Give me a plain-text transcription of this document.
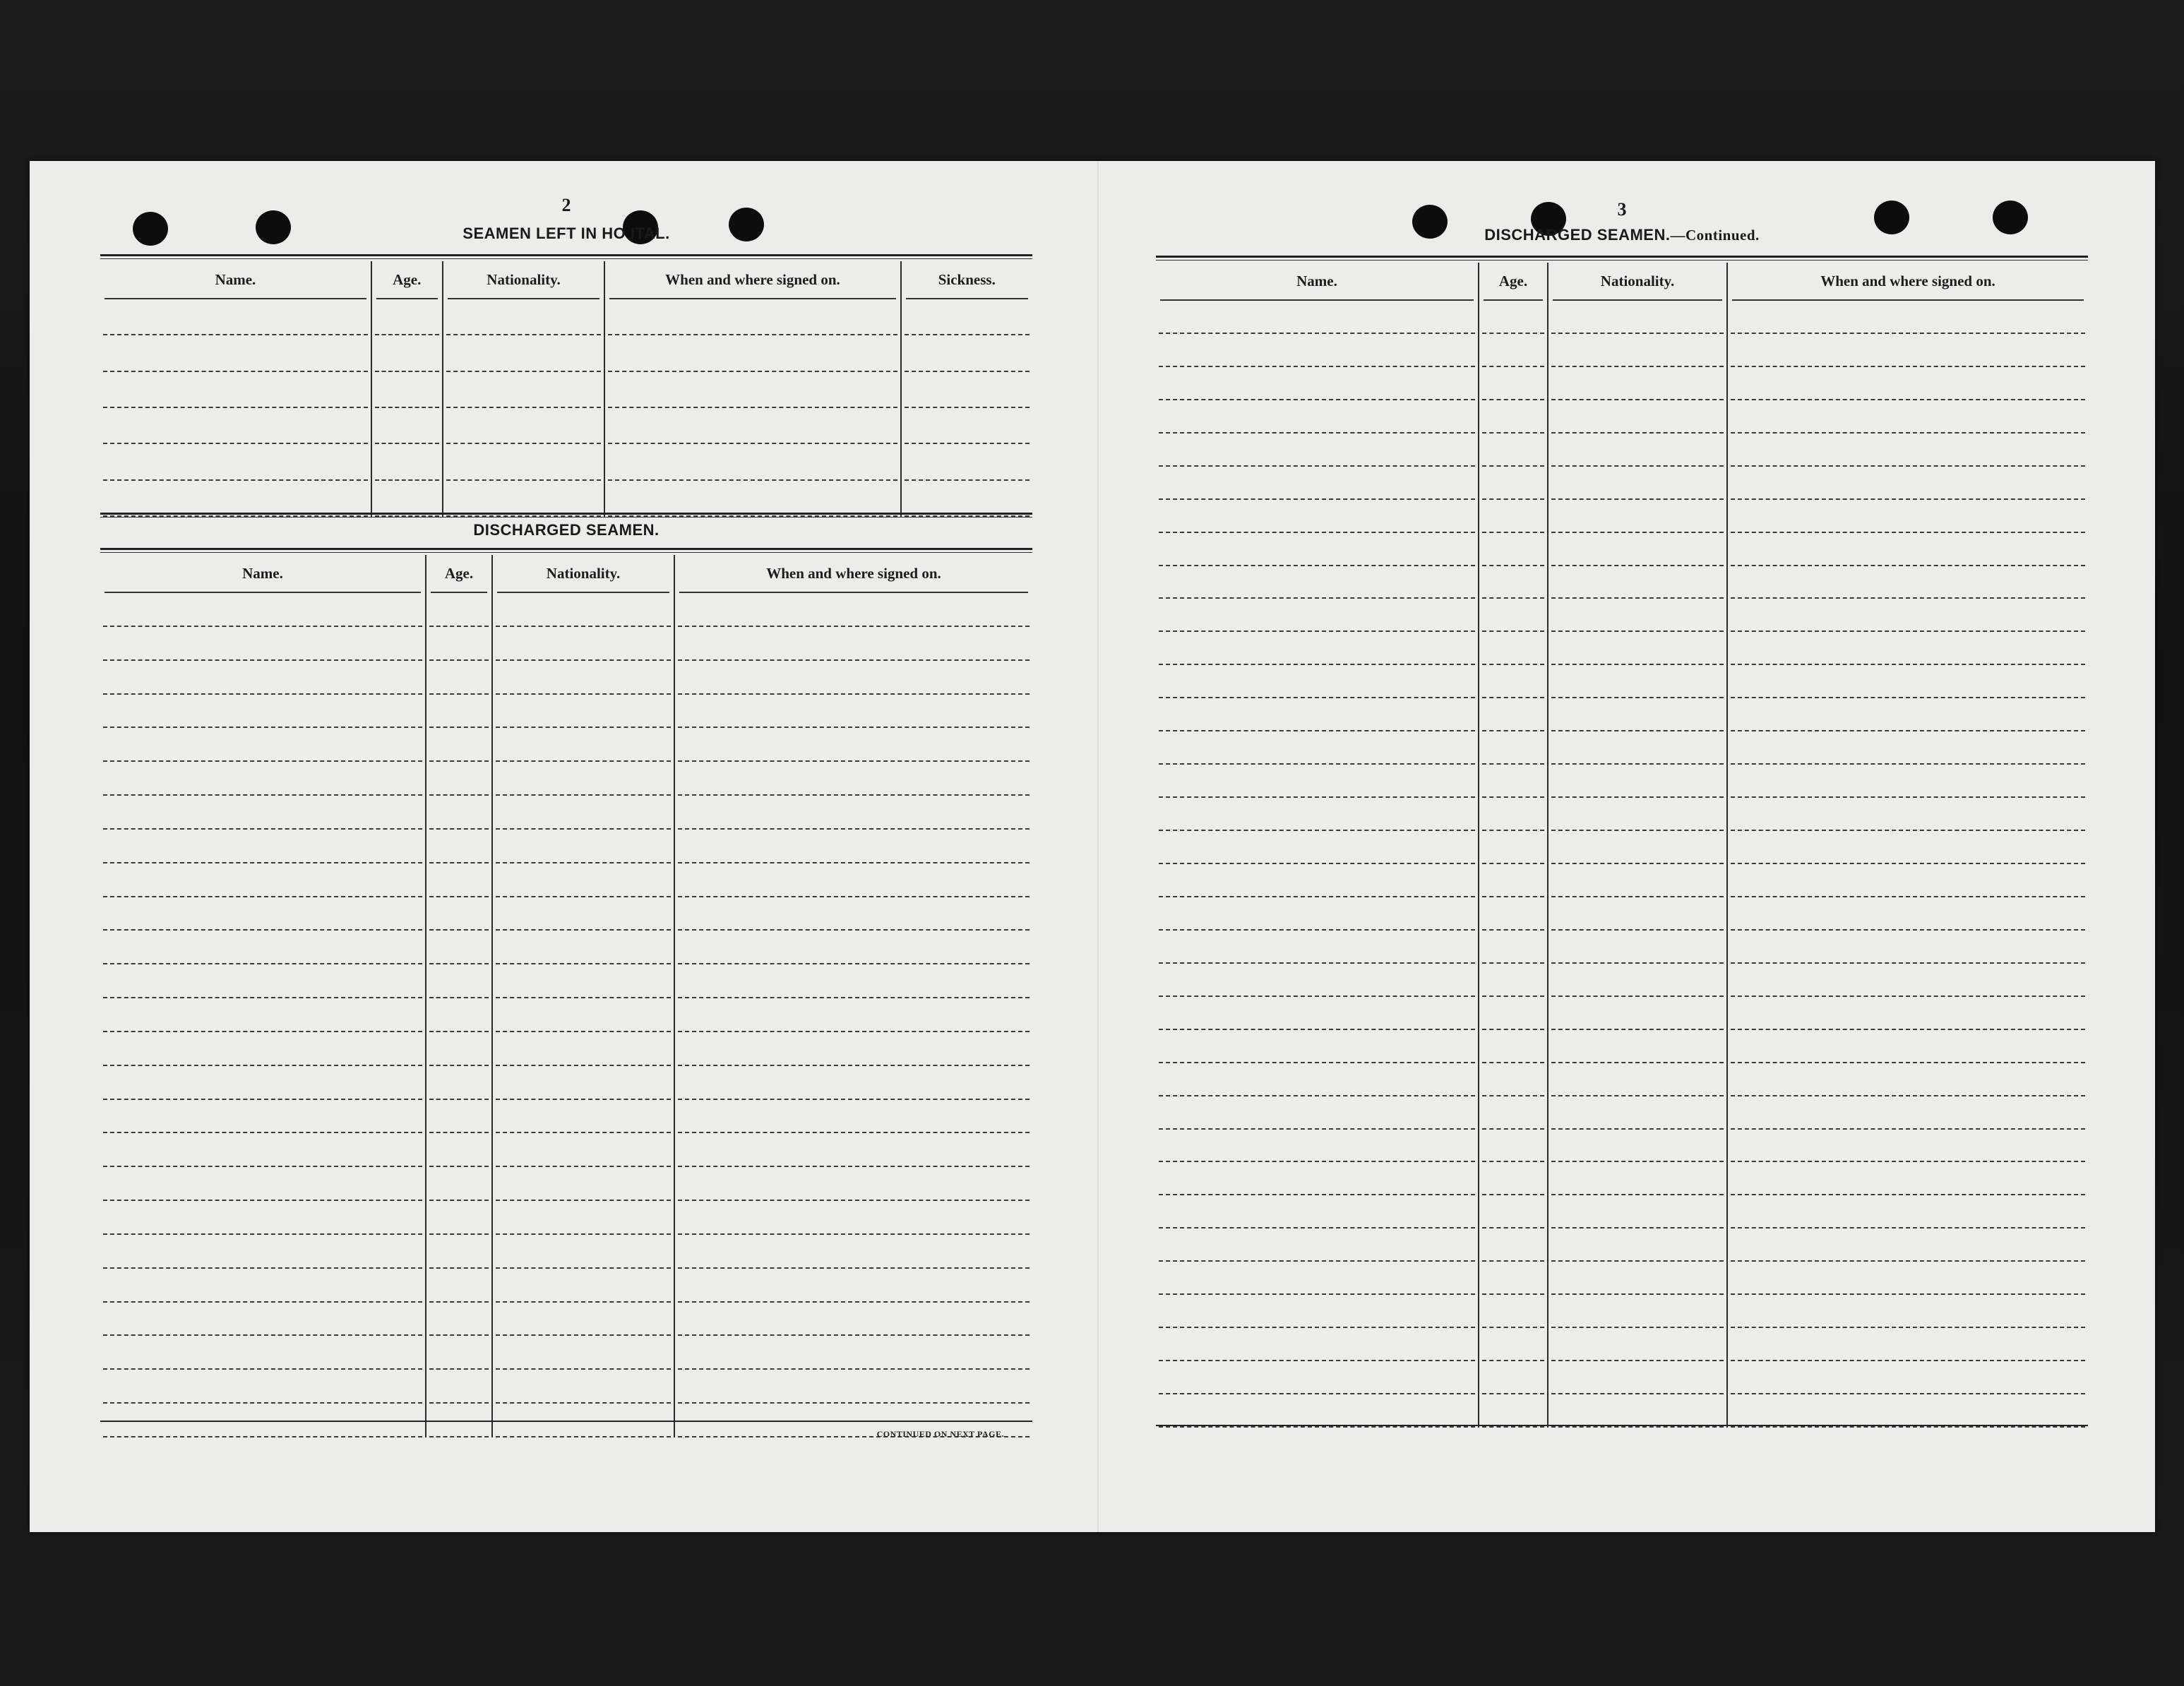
2
SEAMEN LEFT IN HO ITAL.
Name.	Age.	Nationality.	When and where signed on.	Sickness.
DISCHARGED SEAMEN.
Name.	Age.	Nationality.	When and where signed on.
CONTINUED ON NEXT PAGE.
3
DISCHARGED SEAMEN.—Continued.
Name.	Age.	Nationality.	When and where signed on.
